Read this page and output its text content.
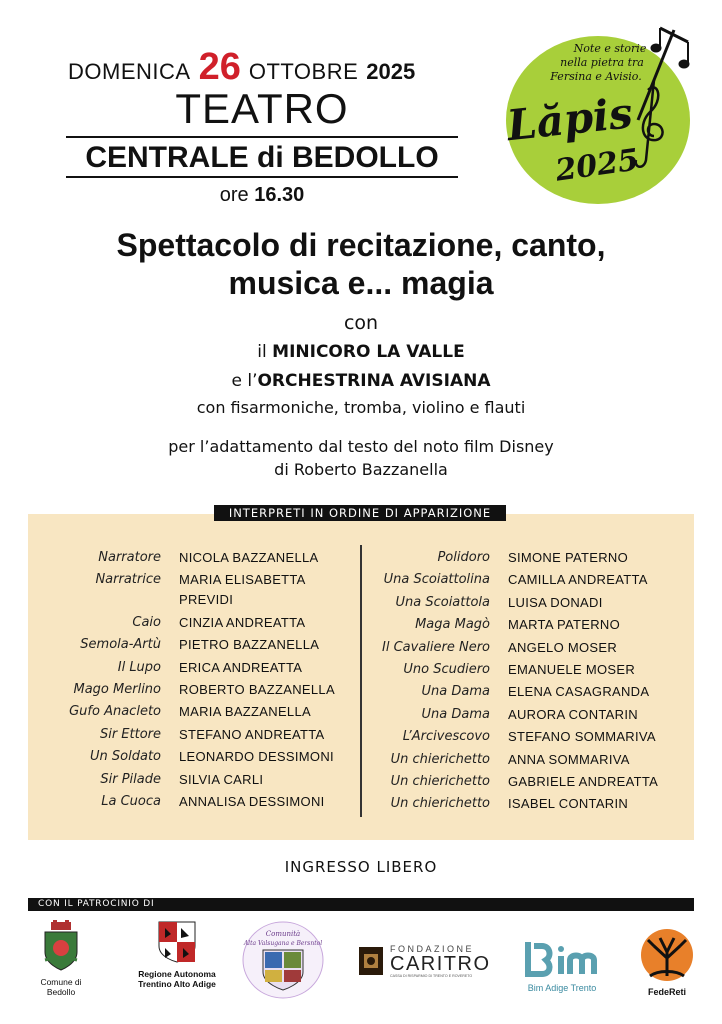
DOMENICA 26 OTTOBRE 2025
TEATRO
CENTRALE di BEDOLLO
ore 16.30
Note e storie
nella pietra tra
Fersina e Avisio.
Lăpis
2025
Spettacolo di recitazione, canto,
musica e... magia
con
il MINICORO LA VALLE
e l’ORCHESTRINA AVISIANA
con fisarmoniche, tromba, violino e flauti
per l’adattamento dal testo del noto film Disney
di Roberto Bazzanella
INTERPRETI IN ORDINE DI APPARIZIONE
Narratore	NICOLA BAZZANELLA
Narratrice	MARIA ELISABETTA PREVIDI
Caio	CINZIA ANDREATTA
Semola-Artù	PIETRO BAZZANELLA
Il Lupo	ERICA ANDREATTA
Mago Merlino	ROBERTO BAZZANELLA
Gufo Anacleto	MARIA BAZZANELLA
Sir Ettore	STEFANO ANDREATTA
Un Soldato	LEONARDO DESSIMONI
Sir Pilade	SILVIA CARLI
La Cuoca	ANNALISA DESSIMONI
Polidoro	SIMONE PATERNO
Una Scoiattolina	CAMILLA ANDREATTA
Una Scoiattola	LUISA DONADI
Maga Magò	MARTA PATERNO
Il Cavaliere Nero	ANGELO MOSER
Uno Scudiero	EMANUELE MOSER
Una Dama	ELENA CASAGRANDA
Una Dama	AURORA CONTARIN
L’Arcivescovo	STEFANO SOMMARIVA
Un chierichetto	ANNA SOMMARIVA
Un chierichetto	GABRIELE ANDREATTA
Un chierichetto	ISABEL CONTARIN
INGRESSO LIBERO
CON IL PATROCINIO DI
Comune di Bedollo
Regione Autonoma
Trentino Alto Adige
Comunità
Alta Valsugana e Bersntol
FONDAZIONE
CARITRO
CASSA DI RISPARMIO DI TRENTO E ROVERETO
Bim Adige Trento	FedeReti
